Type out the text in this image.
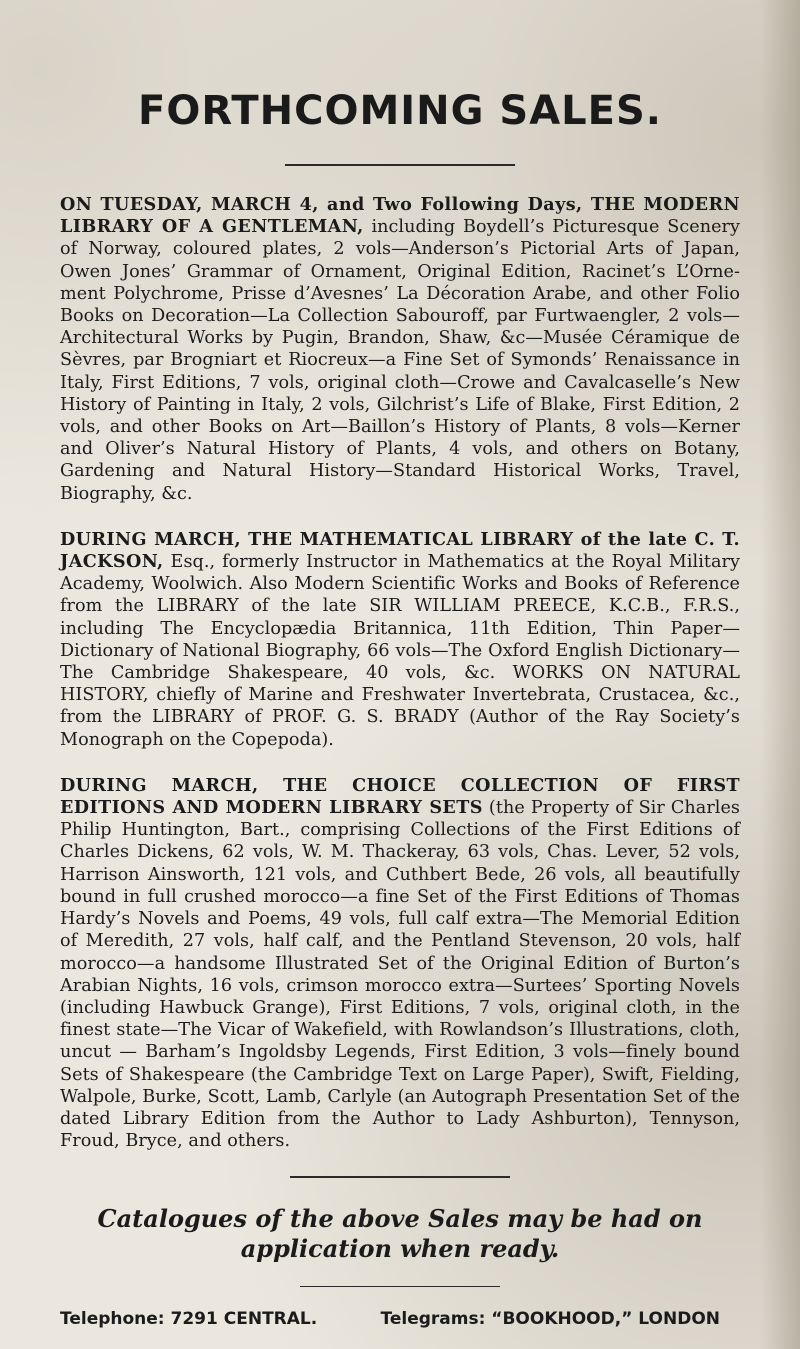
FORTHCOMING SALES.

ON TUESDAY, MARCH 4, and Two Following Days, THE MODERN LIBRARY OF A GENTLEMAN, including Boydell’s Picturesque Scenery of Norway, coloured plates, 2 vols—Anderson’s Pictorial Arts of Japan, Owen Jones’ Grammar of Ornament, Original Edition, Racinet’s L’Orne-ment Polychrome, Prisse d’Avesnes’ La Décoration Arabe, and other Folio Books on Decoration—La Collection Sabouroff, par Furtwaengler, 2 vols—Architectural Works by Pugin, Brandon, Shaw, &c—Musée Céramique de Sèvres, par Brogniart et Riocreux—a Fine Set of Symonds’ Renaissance in Italy, First Editions, 7 vols, original cloth—Crowe and Cavalcaselle’s New History of Painting in Italy, 2 vols, Gilchrist’s Life of Blake, First Edition, 2 vols, and other Books on Art—Baillon’s History of Plants, 8 vols—Kerner and Oliver’s Natural History of Plants, 4 vols, and others on Botany, Gardening and Natural History—Standard Historical Works, Travel, Biography, &c.

DURING MARCH, THE MATHEMATICAL LIBRARY of the late C. T. JACKSON, Esq., formerly Instructor in Mathematics at the Royal Military Academy, Woolwich. Also Modern Scientific Works and Books of Reference from the LIBRARY of the late SIR WILLIAM PREECE, K.C.B., F.R.S., including The Encyclopædia Britannica, 11th Edition, Thin Paper—Dictionary of National Biography, 66 vols—The Oxford English Dictionary—The Cambridge Shakespeare, 40 vols, &c. WORKS ON NATURAL HISTORY, chiefly of Marine and Freshwater Invertebrata, Crustacea, &c., from the LIBRARY of PROF. G. S. BRADY (Author of the Ray Society’s Monograph on the Copepoda).

DURING MARCH, THE CHOICE COLLECTION OF FIRST EDITIONS AND MODERN LIBRARY SETS (the Property of Sir Charles Philip Huntington, Bart., comprising Collections of the First Editions of Charles Dickens, 62 vols, W. M. Thackeray, 63 vols, Chas. Lever, 52 vols, Harrison Ainsworth, 121 vols, and Cuthbert Bede, 26 vols, all beautifully bound in full crushed morocco—a fine Set of the First Editions of Thomas Hardy’s Novels and Poems, 49 vols, full calf extra—The Memorial Edition of Meredith, 27 vols, half calf, and the Pentland Stevenson, 20 vols, half morocco—a handsome Illustrated Set of the Original Edition of Burton’s Arabian Nights, 16 vols, crimson morocco extra—Surtees’ Sporting Novels (including Hawbuck Grange), First Editions, 7 vols, original cloth, in the finest state—The Vicar of Wakefield, with Rowlandson’s Illustrations, cloth, uncut — Barham’s Ingoldsby Legends, First Edition, 3 vols—finely bound Sets of Shakespeare (the Cambridge Text on Large Paper), Swift, Fielding, Walpole, Burke, Scott, Lamb, Carlyle (an Autograph Presentation Set of the dated Library Edition from the Author to Lady Ashburton), Tennyson, Froud, Bryce, and others.

Catalogues of the above Sales may be had on application when ready.
Telephone: 7291 CENTRAL.	Telegrams: “BOOKHOOD,” LONDON
